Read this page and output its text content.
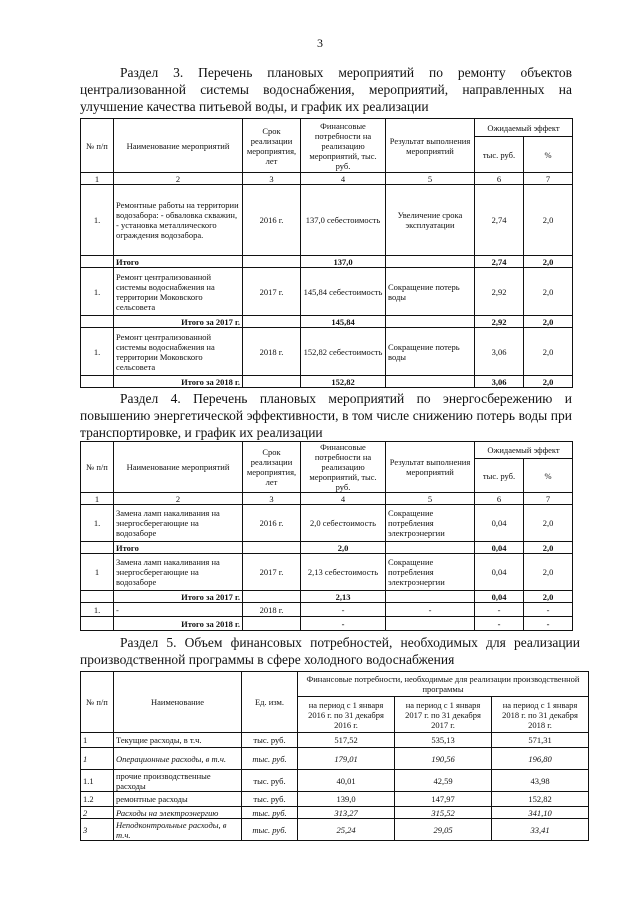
3
Раздел 3. Перечень плановых мероприятий по ремонту объектов централизованной системы водоснабжения, мероприятий, направленных на улучшение качества питьевой воды, и график их реализации
№ п/п	Наименование мероприятий	Срок реализации мероприятия, лет	Финансовые потребности на реализацию мероприятий, тыс. руб.	Результат выполнения мероприятий	Ожидаемый эффект	
					тыс. руб.	%
1	2	3	4	5	6	7
1.	Ремонтные работы на территории водозабора: - обваловка скважин, - установка металлического ограждения водозабора.	2016 г.	137,0 себестоимость	Увеличение срока эксплуатации	2,74	2,0
	Итого		137,0		2,74	2,0
1.	Ремонт централизованной системы водоснабжения на территории Моковского сельсовета	2017 г.	145,84 себестоимость	Сокращение потерь воды	2,92	2,0
	Итого за 2017 г.		145,84		2,92	2,0
1.	Ремонт централизованной системы водоснабжения на территории Моковского сельсовета	2018 г.	152,82 себестоимость	Сокращение потерь воды	3,06	2,0
	Итого за 2018 г.		152,82		3,06	2,0
Раздел 4. Перечень плановых мероприятий по энергосбережению и повышению энергетической эффективности, в том числе снижению потерь воды при транспортировке, и график их реализации
№ п/п	Наименование мероприятий	Срок реализации мероприятия, лет	Финансовые потребности на реализацию мероприятий, тыс. руб.	Результат выполнения мероприятий	Ожидаемый эффект	
					тыс. руб.	%
1	2	3	4	5	6	7
1.	Замена ламп накаливания на энергосберегающие на водозаборе	2016 г.	2,0 себестоимость	Сокращение потребления электроэнергии	0,04	2,0
	Итого		2,0		0,04	2,0
1	Замена ламп накаливания на энергосберегающие на водозаборе	2017 г.	2,13 себестоимость	Сокращение потребления электроэнергии	0,04	2,0
	Итого за 2017 г.		2,13		0,04	2,0
1.	-	2018 г.	-	-	-	-
	Итого за 2018 г.		-		-	-
Раздел 5. Объем финансовых потребностей, необходимых для реализации производственной программы в сфере холодного водоснабжения
№ п/п	Наименование	Ед. изм.	Финансовые потребности, необходимые для реализации производственной программы		
			на период с 1 января 2016 г. по 31 декабря 2016 г.	на период с 1 января 2017 г. по 31 декабря 2017 г.	на период с 1 января 2018 г. по 31 декабря 2018 г.
1	Текущие расходы, в т.ч.	тыс. руб.	517,52	535,13	571,31
1	Операционные расходы, в т.ч.	тыс. руб.	179,01	190,56	196,80
1.1	прочие производственные расходы	тыс. руб.	40,01	42,59	43,98
1.2	ремонтные расходы	тыс. руб.	139,0	147,97	152,82
2	Расходы на электроэнергию	тыс. руб.	313,27	315,52	341,10
3	Неподконтрольные расходы, в т.ч.	тыс. руб.	25,24	29,05	33,41
